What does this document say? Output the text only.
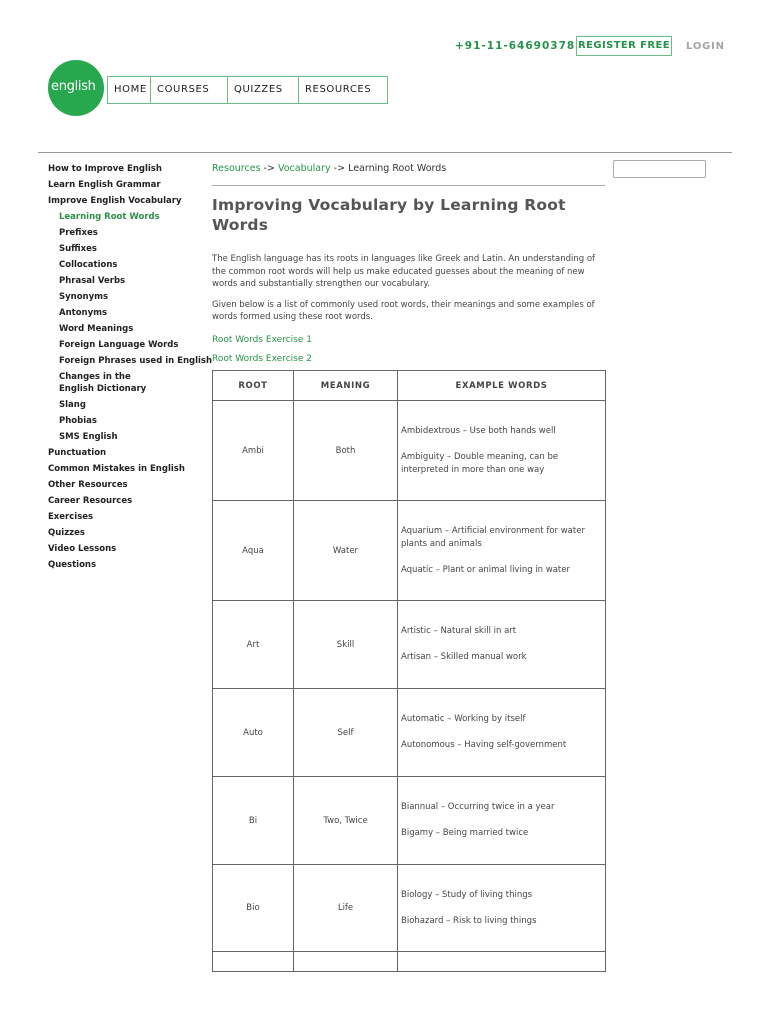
+91-11-64690378 REGISTER FREE LOGIN
english	HOME	COURSES	QUIZZES	RESOURCES
How to Improve English
Learn English Grammar
Improve English Vocabulary
Learning Root Words
Prefixes
Suffixes
Collocations
Phrasal Verbs
Synonyms
Antonyms
Word Meanings
Foreign Language Words
Foreign Phrases used in English
Changes in the English Dictionary
Slang
Phobias
SMS English
Punctuation
Common Mistakes in English
Other Resources
Career Resources
Exercises
Quizzes
Video Lessons
Questions
Resources -> Vocabulary -> Learning Root Words
Improving Vocabulary by Learning Root Words

The English language has its roots in languages like Greek and Latin. An understanding of the common root words will help us make educated guesses about the meaning of new words and substantially strengthen our vocabulary.

Given below is a list of commonly used root words, their meanings and some examples of words formed using these root words.

Root Words Exercise 1
Root Words Exercise 2
ROOT	MEANING	EXAMPLE WORDS
Ambi	Both	Ambidextrous – Use both hands well

Ambiguity – Double meaning, can be interpreted in more than one way

Aqua	Water	Aquarium – Artificial environment for water plants and animals

Aquatic – Plant or animal living in water

Art	Skill	Artistic – Natural skill in art

Artisan – Skilled manual work

Auto	Self	Automatic – Working by itself

Autonomous – Having self-government

Bi	Two, Twice	Biannual – Occurring twice in a year

Bigamy – Being married twice

Bio	Life	Biology – Study of living things

Biohazard – Risk to living things
